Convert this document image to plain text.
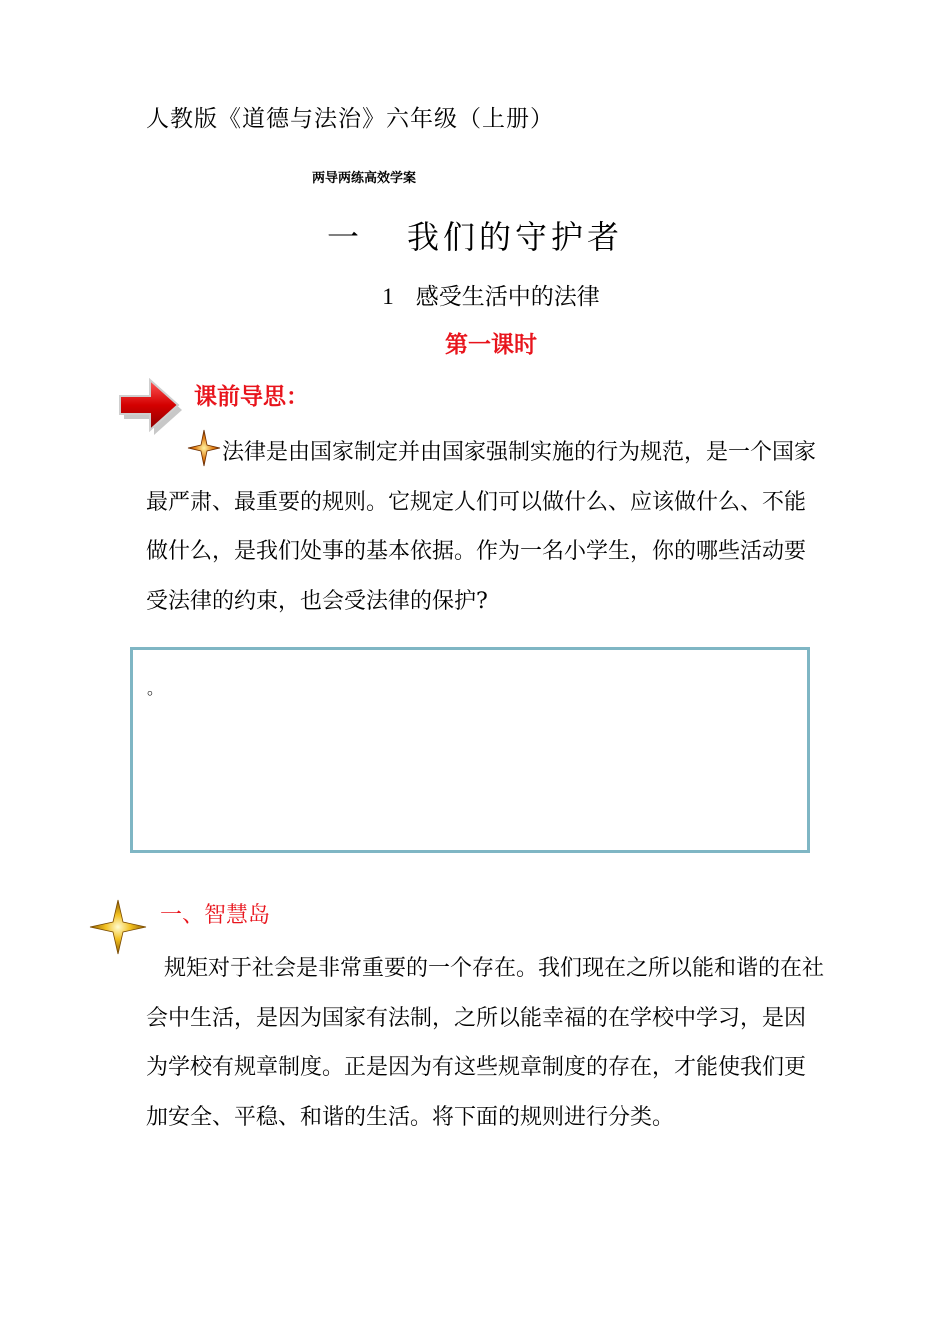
人教版《道德与法治》六年级（上册）
两导两练高效学案
一 我们的守护者
1 感受生活中的法律
第一课时
课前导思：
法律是由国家制定并由国家强制实施的行为规范，是一个国家最严肃、最重要的规则。它规定人们可以做什么、应该做什么、不能做什么，是我们处事的基本依据。作为一名小学生，你的哪些活动要受法律的约束，也会受法律的保护?
。
一、智慧岛
规矩对于社会是非常重要的一个存在。我们现在之所以能和谐的在社会中生活，是因为国家有法制，之所以能幸福的在学校中学习，是因为学校有规章制度。正是因为有这些规章制度的存在，才能使我们更加安全、平稳、和谐的生活。将下面的规则进行分类。
